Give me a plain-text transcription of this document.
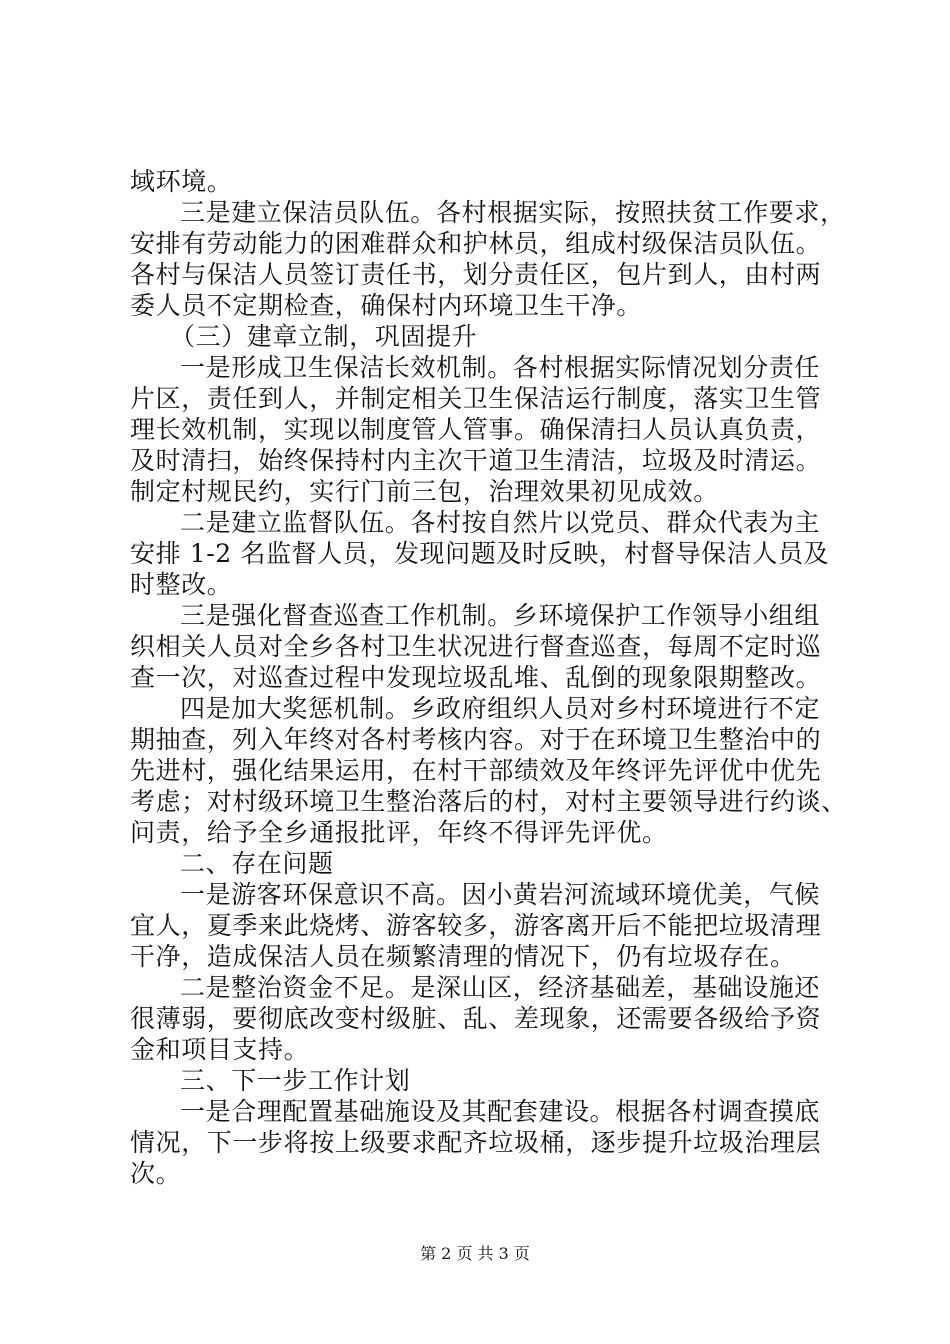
域环境。
三是建立保洁员队伍。各村根据实际，按照扶贫工作要求，
安排有劳动能力的困难群众和护林员，组成村级保洁员队伍。
各村与保洁人员签订责任书，划分责任区，包片到人，由村两
委人员不定期检查，确保村内环境卫生干净。
（三）建章立制，巩固提升
一是形成卫生保洁长效机制。各村根据实际情况划分责任
片区，责任到人，并制定相关卫生保洁运行制度，落实卫生管
理长效机制，实现以制度管人管事。确保清扫人员认真负责，
及时清扫，始终保持村内主次干道卫生清洁，垃圾及时清运。
制定村规民约，实行门前三包，治理效果初见成效。
二是建立监督队伍。各村按自然片以党员、群众代表为主
安排 1-2 名监督人员，发现问题及时反映，村督导保洁人员及
时整改。
三是强化督查巡查工作机制。乡环境保护工作领导小组组
织相关人员对全乡各村卫生状况进行督查巡查，每周不定时巡
查一次，对巡查过程中发现垃圾乱堆、乱倒的现象限期整改。
四是加大奖惩机制。乡政府组织人员对乡村环境进行不定
期抽查，列入年终对各村考核内容。对于在环境卫生整治中的
先进村，强化结果运用，在村干部绩效及年终评先评优中优先
考虑；对村级环境卫生整治落后的村，对村主要领导进行约谈、
问责，给予全乡通报批评，年终不得评先评优。
二、存在问题
一是游客环保意识不高。因小黄岩河流域环境优美，气候
宜人，夏季来此烧烤、游客较多，游客离开后不能把垃圾清理
干净，造成保洁人员在频繁清理的情况下，仍有垃圾存在。
二是整治资金不足。是深山区，经济基础差，基础设施还
很薄弱，要彻底改变村级脏、乱、差现象，还需要各级给予资
金和项目支持。
三、下一步工作计划
一是合理配置基础施设及其配套建设。根据各村调查摸底
情况，下一步将按上级要求配齐垃圾桶，逐步提升垃圾治理层
次。
第 2 页 共 3 页
